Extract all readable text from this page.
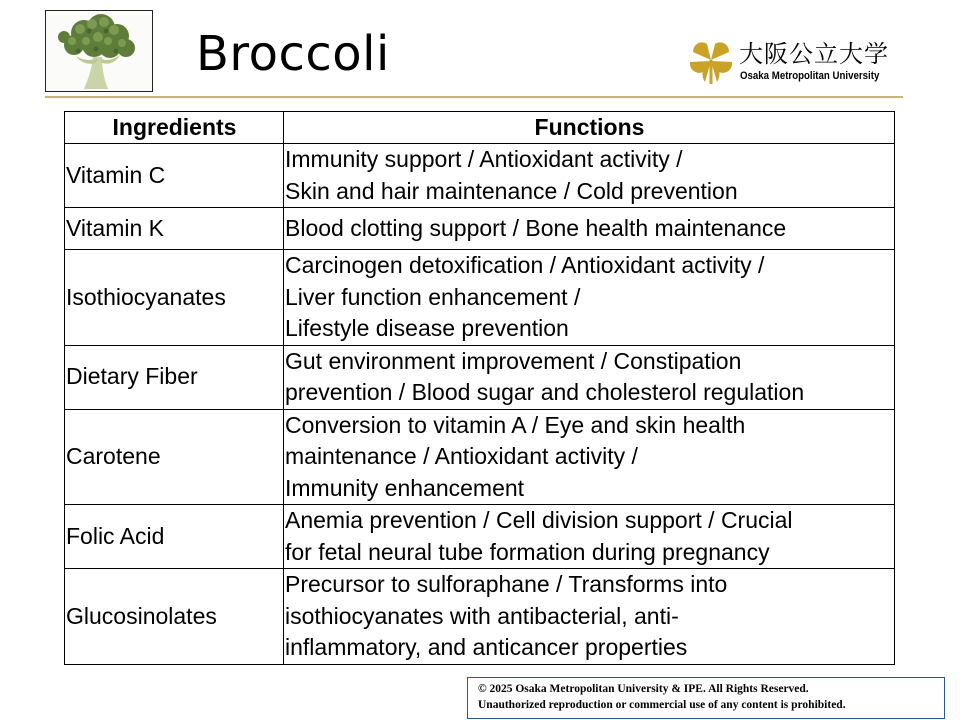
Broccoli	大阪公立大学
Osaka Metropolitan University
Ingredients	Functions
Vitamin C	Immunity support / Antioxidant activity /
Skin and hair maintenance / Cold prevention

Vitamin K	Blood clotting support / Bone health maintenance

Isothiocyanates	Carcinogen detoxification / Antioxidant activity /
Liver function enhancement /
Lifestyle disease prevention

Dietary Fiber	Gut environment improvement / Constipation
prevention / Blood sugar and cholesterol regulation

Carotene	Conversion to vitamin A / Eye and skin health
maintenance / Antioxidant activity /
Immunity enhancement

Folic Acid	Anemia prevention / Cell division support / Crucial
for fetal neural tube formation during pregnancy

Glucosinolates	Precursor to sulforaphane / Transforms into
isothiocyanates with antibacterial, anti-
inflammatory, and anticancer properties
© 2025 Osaka Metropolitan University & IPE. All Rights Reserved.
Unauthorized reproduction or commercial use of any content is prohibited.
